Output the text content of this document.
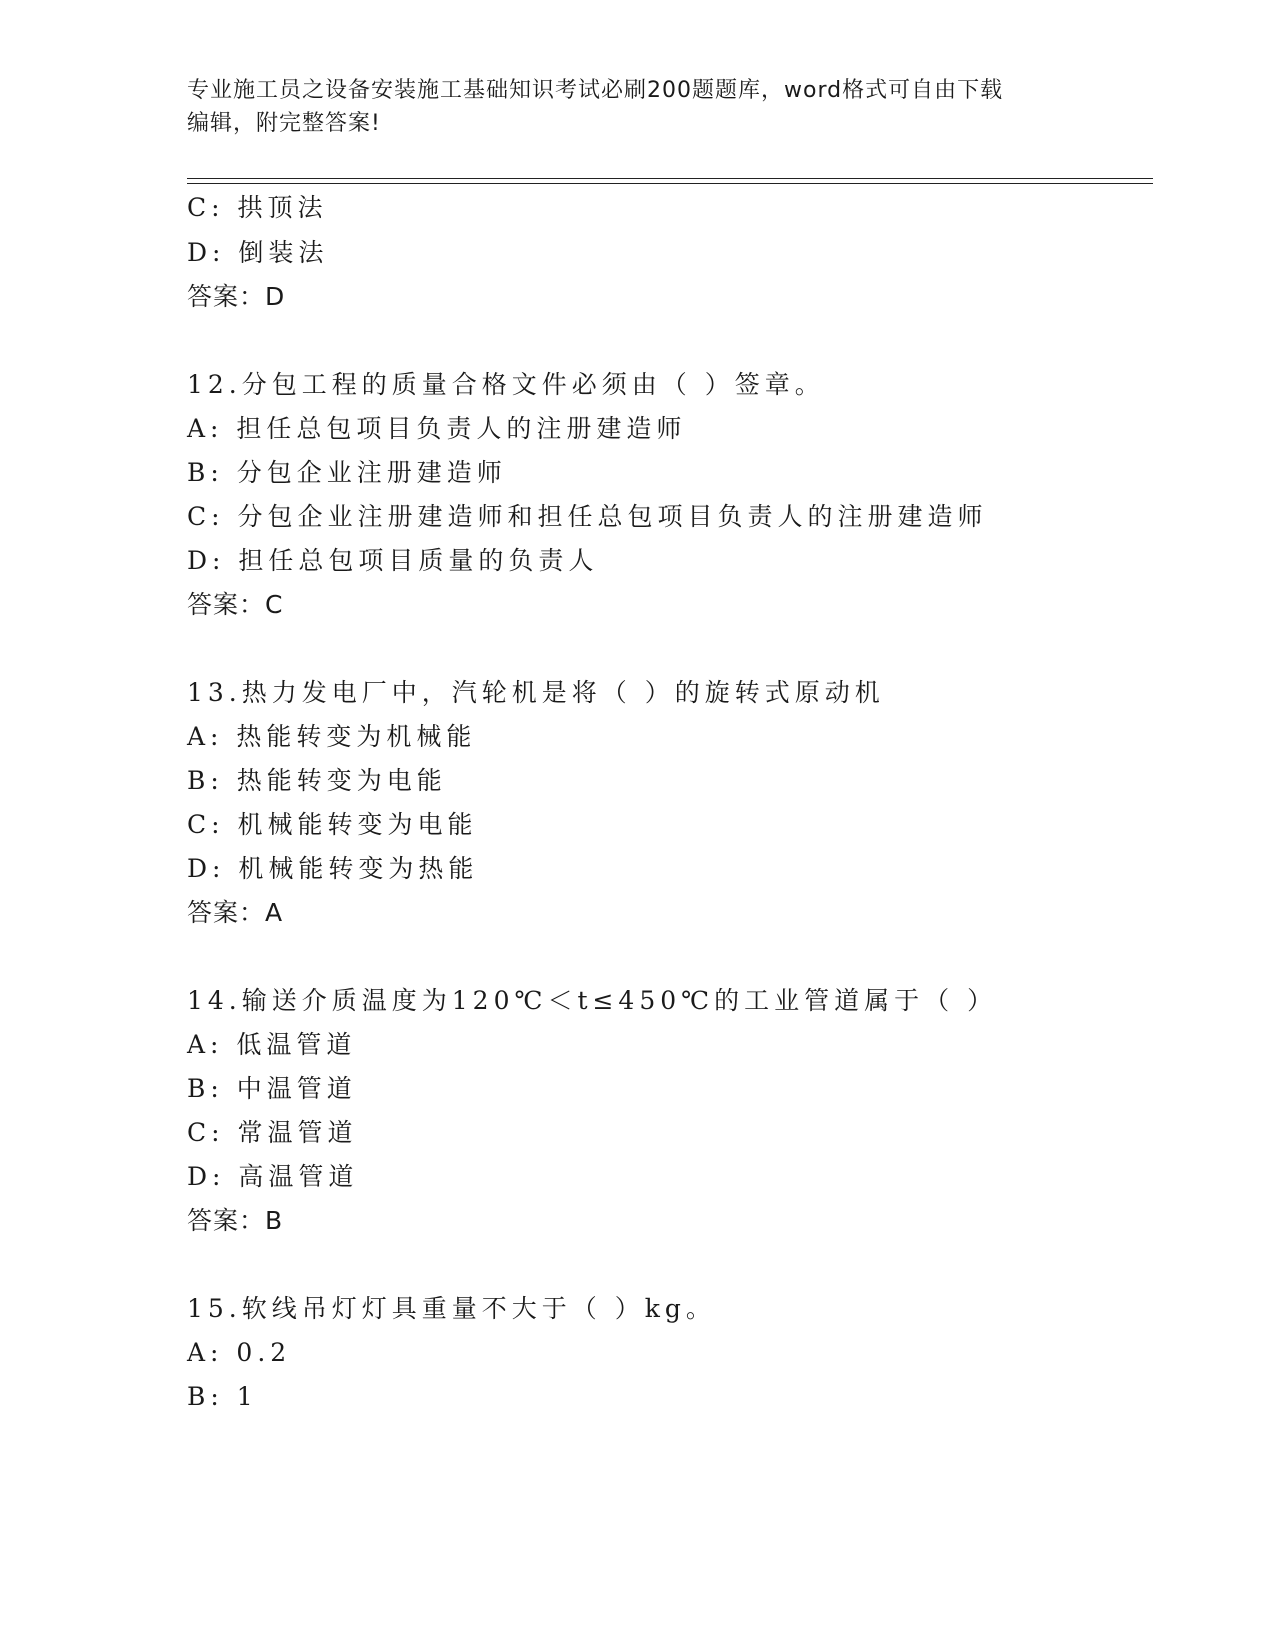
专业施工员之设备安装施工基础知识考试必刷200题题库，word格式可自由下载
编辑，附完整答案!
C: 拱顶法
D: 倒装法
答案：D
12.分包工程的质量合格文件必须由（ ）签章。
A: 担任总包项目负责人的注册建造师
B: 分包企业注册建造师
C: 分包企业注册建造师和担任总包项目负责人的注册建造师
D: 担任总包项目质量的负责人
答案：C
13.热力发电厂中，汽轮机是将（ ）的旋转式原动机
A: 热能转变为机械能
B: 热能转变为电能
C: 机械能转变为电能
D: 机械能转变为热能
答案：A
14.输送介质温度为120℃＜t≤450℃的工业管道属于（ ）
A: 低温管道
B: 中温管道
C: 常温管道
D: 高温管道
答案：B
15.软线吊灯灯具重量不大于（ ）kg。
A: 0.2
B: 1
